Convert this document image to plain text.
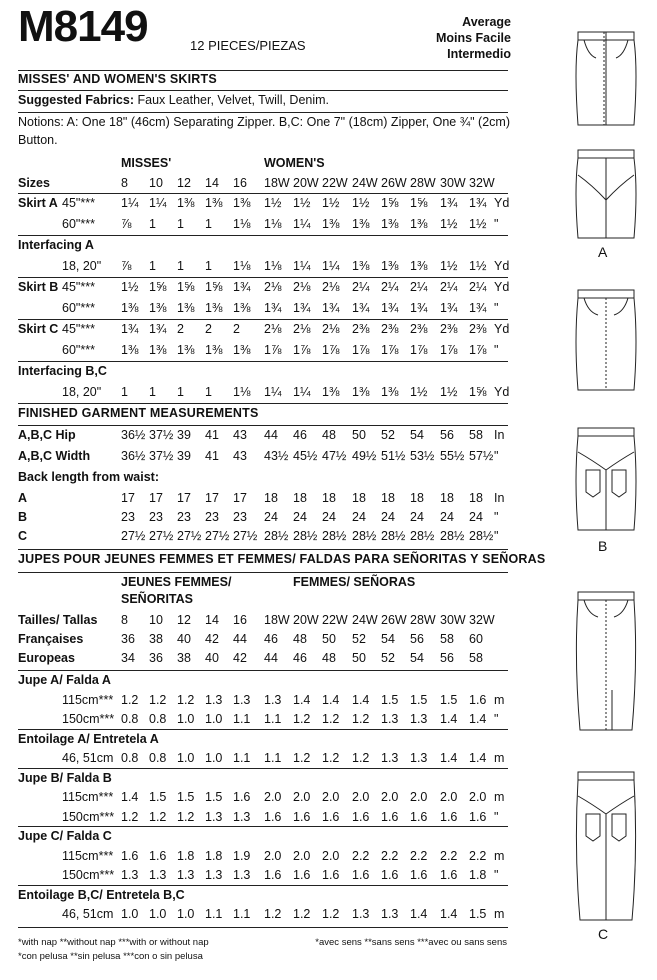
M8149	12 PIECES/PIEZAS
Average
Moins Facile
Intermedio
MISSES' AND WOMEN'S SKIRTS
Suggested Fabrics: Faux Leather, Velvet, Twill, Denim.
Notions: A: One 18" (46cm) Separating Zipper. B,C: One 7" (18cm) Zipper, One ¾" (2cm)
Button.
MISSES'	WOMEN'S
Sizes	8 10 12 14 16 18W 20W 22W 24W 26W 28W 30W 32W
Skirt A 45"*** 1¼ 1¼ 1⅜ 1⅜ 1⅜ 1½ 1½ 1½ 1½ 1⅝ 1⅝ 1¾ 1¾ Yd
60"*** ⅞ 1 1 1 1⅛ 1⅛ 1¼ 1⅜ 1⅜ 1⅜ 1⅜ 1½ 1½ "
Interfacing A
18, 20" ⅞ 1 1 1 1⅛ 1⅛ 1¼ 1¼ 1⅜ 1⅜ 1⅜ 1½ 1½ Yd
Skirt B 45"*** 1½ 1⅝ 1⅝ 1⅝ 1¾ 2⅛ 2⅛ 2⅛ 2¼ 2¼ 2¼ 2¼ 2¼ Yd
60"*** 1⅜ 1⅜ 1⅜ 1⅜ 1⅜ 1¾ 1¾ 1¾ 1¾ 1¾ 1¾ 1¾ 1¾ "
Skirt C 45"*** 1¾ 1¾ 2 2 2 2⅛ 2⅛ 2⅛ 2⅜ 2⅜ 2⅜ 2⅜ 2⅜ Yd
60"*** 1⅜ 1⅜ 1⅜ 1⅜ 1⅜ 1⅞ 1⅞ 1⅞ 1⅞ 1⅞ 1⅞ 1⅞ 1⅞ "
Interfacing B,C
18, 20" 1 1 1 1 1⅛ 1¼ 1¼ 1⅜ 1⅜ 1⅜ 1½ 1½ 1⅝ Yd
FINISHED GARMENT MEASUREMENTS
A,B,C Hip	36½ 37½ 39 41 43 44 46 48 50 52 54 56 58 In
A,B,C Width 36½ 37½ 39 41 43 43½ 45½ 47½ 49½ 51½ 53½ 55½ 57½ "
Back length from waist:
A	17 17 17 17 17 18 18 18 18 18 18 18 18 In
B	23 23 23 23 23 24 24 24 24 24 24 24 24 "
C	27½ 27½ 27½ 27½ 27½ 28½ 28½ 28½ 28½ 28½ 28½ 28½ 28½ "
JUPES POUR JEUNES FEMMES ET FEMMES/ FALDAS PARA SEÑORITAS Y SEÑORAS
JEUNES FEMMES/	FEMMES/ SEÑORAS
SEÑORITAS
Tailles/ Tallas 8 10 12 14 16 18W 20W 22W 24W 26W 28W 30W 32W
Françaises	36 38 40 42 44 46 48 50 52 54 56 58 60
Europeas	34 36 38 40 42 44 46 48 50 52 54 56 58
Jupe A/ Falda A
115cm*** 1.2 1.2 1.2 1.3 1.3 1.3 1.4 1.4 1.4 1.5 1.5 1.5 1.6 m
150cm*** 0.8 0.8 1.0 1.0 1.1 1.1 1.2 1.2 1.2 1.3 1.3 1.4 1.4 "
Entoilage A/ Entretela A
46, 51cm 0.8 0.8 1.0 1.0 1.1 1.1 1.2 1.2 1.2 1.3 1.3 1.4 1.4 m
Jupe B/ Falda B
115cm*** 1.4 1.5 1.5 1.5 1.6 2.0 2.0 2.0 2.0 2.0 2.0 2.0 2.0 m
150cm*** 1.2 1.2 1.2 1.3 1.3 1.6 1.6 1.6 1.6 1.6 1.6 1.6 1.6 "
Jupe C/ Falda C
115cm*** 1.6 1.6 1.8 1.8 1.9 2.0 2.0 2.0 2.2 2.2 2.2 2.2 2.2 m
150cm*** 1.3 1.3 1.3 1.3 1.3 1.6 1.6 1.6 1.6 1.6 1.6 1.6 1.8 "
Entoilage B,C/ Entretela B,C
46, 51cm 1.0 1.0 1.0 1.1 1.1 1.2 1.2 1.2 1.3 1.3 1.4 1.4 1.5 m
*with nap **without nap ***with or without nap
*con pelusa **sin pelusa ***con o sin pelusa
*avec sens **sans sens ***avec ou sans sens
A
B
C
